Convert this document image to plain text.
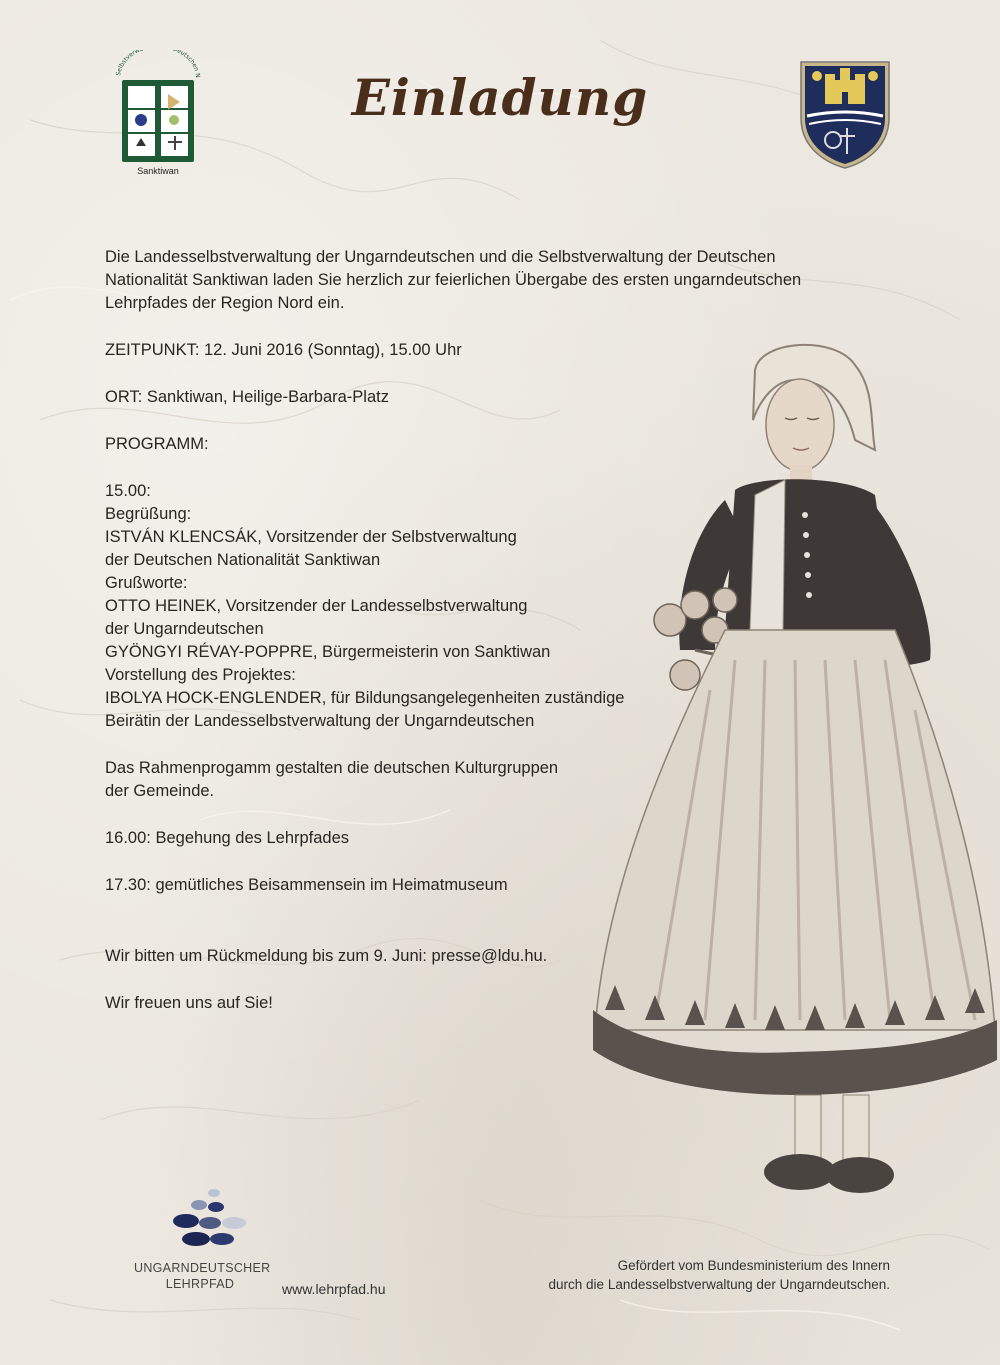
Selbstverw eutschen N
Sanktiwan
Einladung

Die Landesselbstverwaltung der Ungarndeutschen und die Selbstverwaltung der Deutschen

Nationalität Sanktiwan laden Sie herzlich zur feierlichen Übergabe des ersten ungarndeutschen

Lehrpfades der Region Nord ein.

ZEITPUNKT: 12. Juni 2016 (Sonntag), 15.00 Uhr

ORT: Sanktiwan, Heilige-Barbara-Platz

PROGRAMM:

15.00:

Begrüßung:

ISTVÁN KLENCSÁK, Vorsitzender der Selbstverwaltung

der Deutschen Nationalität Sanktiwan

Grußworte:

OTTO HEINEK, Vorsitzender der Landesselbstverwaltung

der Ungarndeutschen

GYÖNGYI RÉVAY-POPPRE, Bürgermeisterin von Sanktiwan

Vorstellung des Projektes:

IBOLYA HOCK-ENGLENDER, für Bildungsangelegenheiten zuständige

Beirätin der Landesselbstverwaltung der Ungarndeutschen

Das Rahmenprogamm gestalten die deutschen Kulturgruppen

der Gemeinde.

16.00: Begehung des Lehrpfades

17.30: gemütliches Beisammensein im Heimatmuseum

Wir bitten um Rückmeldung bis zum 9. Juni: presse@ldu.hu.

Wir freuen uns auf Sie!

UNGARNDEUTSCHER
LEHRPFAD	www.lehrpfad.hu
Gefördert vom Bundesministerium des Innern
durch die Landesselbstverwaltung der Ungarndeutschen.
